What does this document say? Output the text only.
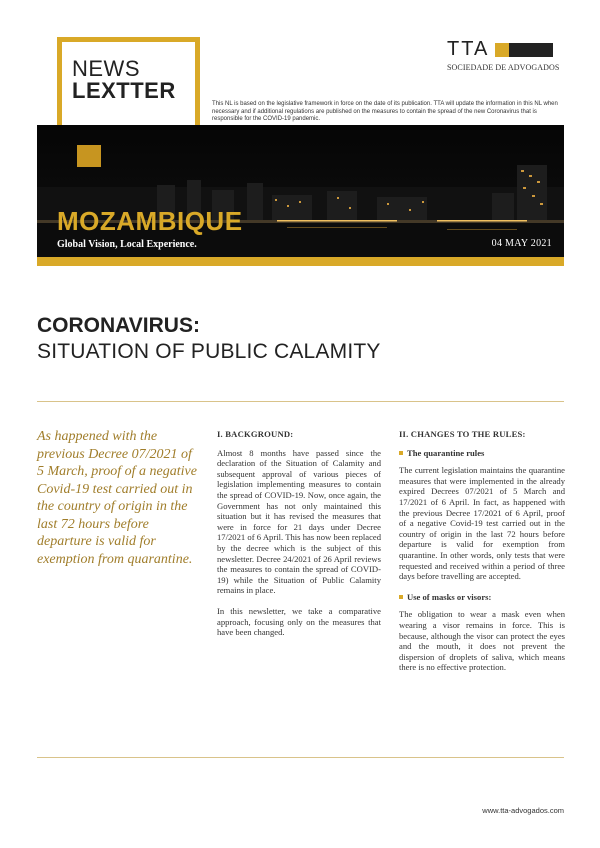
NEWS

LEXTTER
TTA
SOCIEDADE DE ADVOGADOS
This NL is based on the legislative framework in force on the date of its publication. TTA will update the information in this NL when necessary and if additional regulations are published on the measures to contain the spread of the new Coronavirus that is responsible for the COVID-19 pandemic.
MOZAMBIQUE
Global Vision, Local Experience.	04 MAY 2021
CORONAVIRUS:
SITUATION OF PUBLIC CALAMITY
As happened with the previous Decree 07/2021 of 5 March, proof of a negative Covid-19 test carried out in the country of origin in the last 72 hours before departure is valid for exemption from quarantine.
I. BACKGROUND:

Almost 8 months have passed since the declaration of the Situation of Calamity and subsequent approval of various pieces of legislation implementing measures to contain the spread of COVID-19. Now, once again, the Government has not only maintained this situation but it has revised the measures that were in force for 21 days under Decree 17/2021 of 6 April. This has now been replaced by the decree which is the subject of this newsletter. Decree 24/2021 of 26 April reviews the measures to contain the spread of COVID-19) while the Situation of Public Calamity remains in place.

In this newsletter, we take a comparative approach, focusing only on the measures that have been changed.

II. CHANGES TO THE RULES:
The quarantine rules

The current legislation maintains the quarantine measures that were implemented in the already expired Decrees 07/2021 of 5 March and 17/2021 of 6 April. In fact, as happened with the previous Decree 17/2021 of 6 April, proof of a negative Covid-19 test carried out in the country of origin in the last 72 hours before departure is valid for exemption from quarantine. In other words, only tests that were requested and received within a period of three days before travelling are accepted.

Use of masks or visors:

The obligation to wear a mask even when wearing a visor remains in force. This is because, although the visor can protect the eyes and the mouth, it does not prevent the dispersion of droplets of saliva, which means there is no effective protection.

www.tta-advogados.com
